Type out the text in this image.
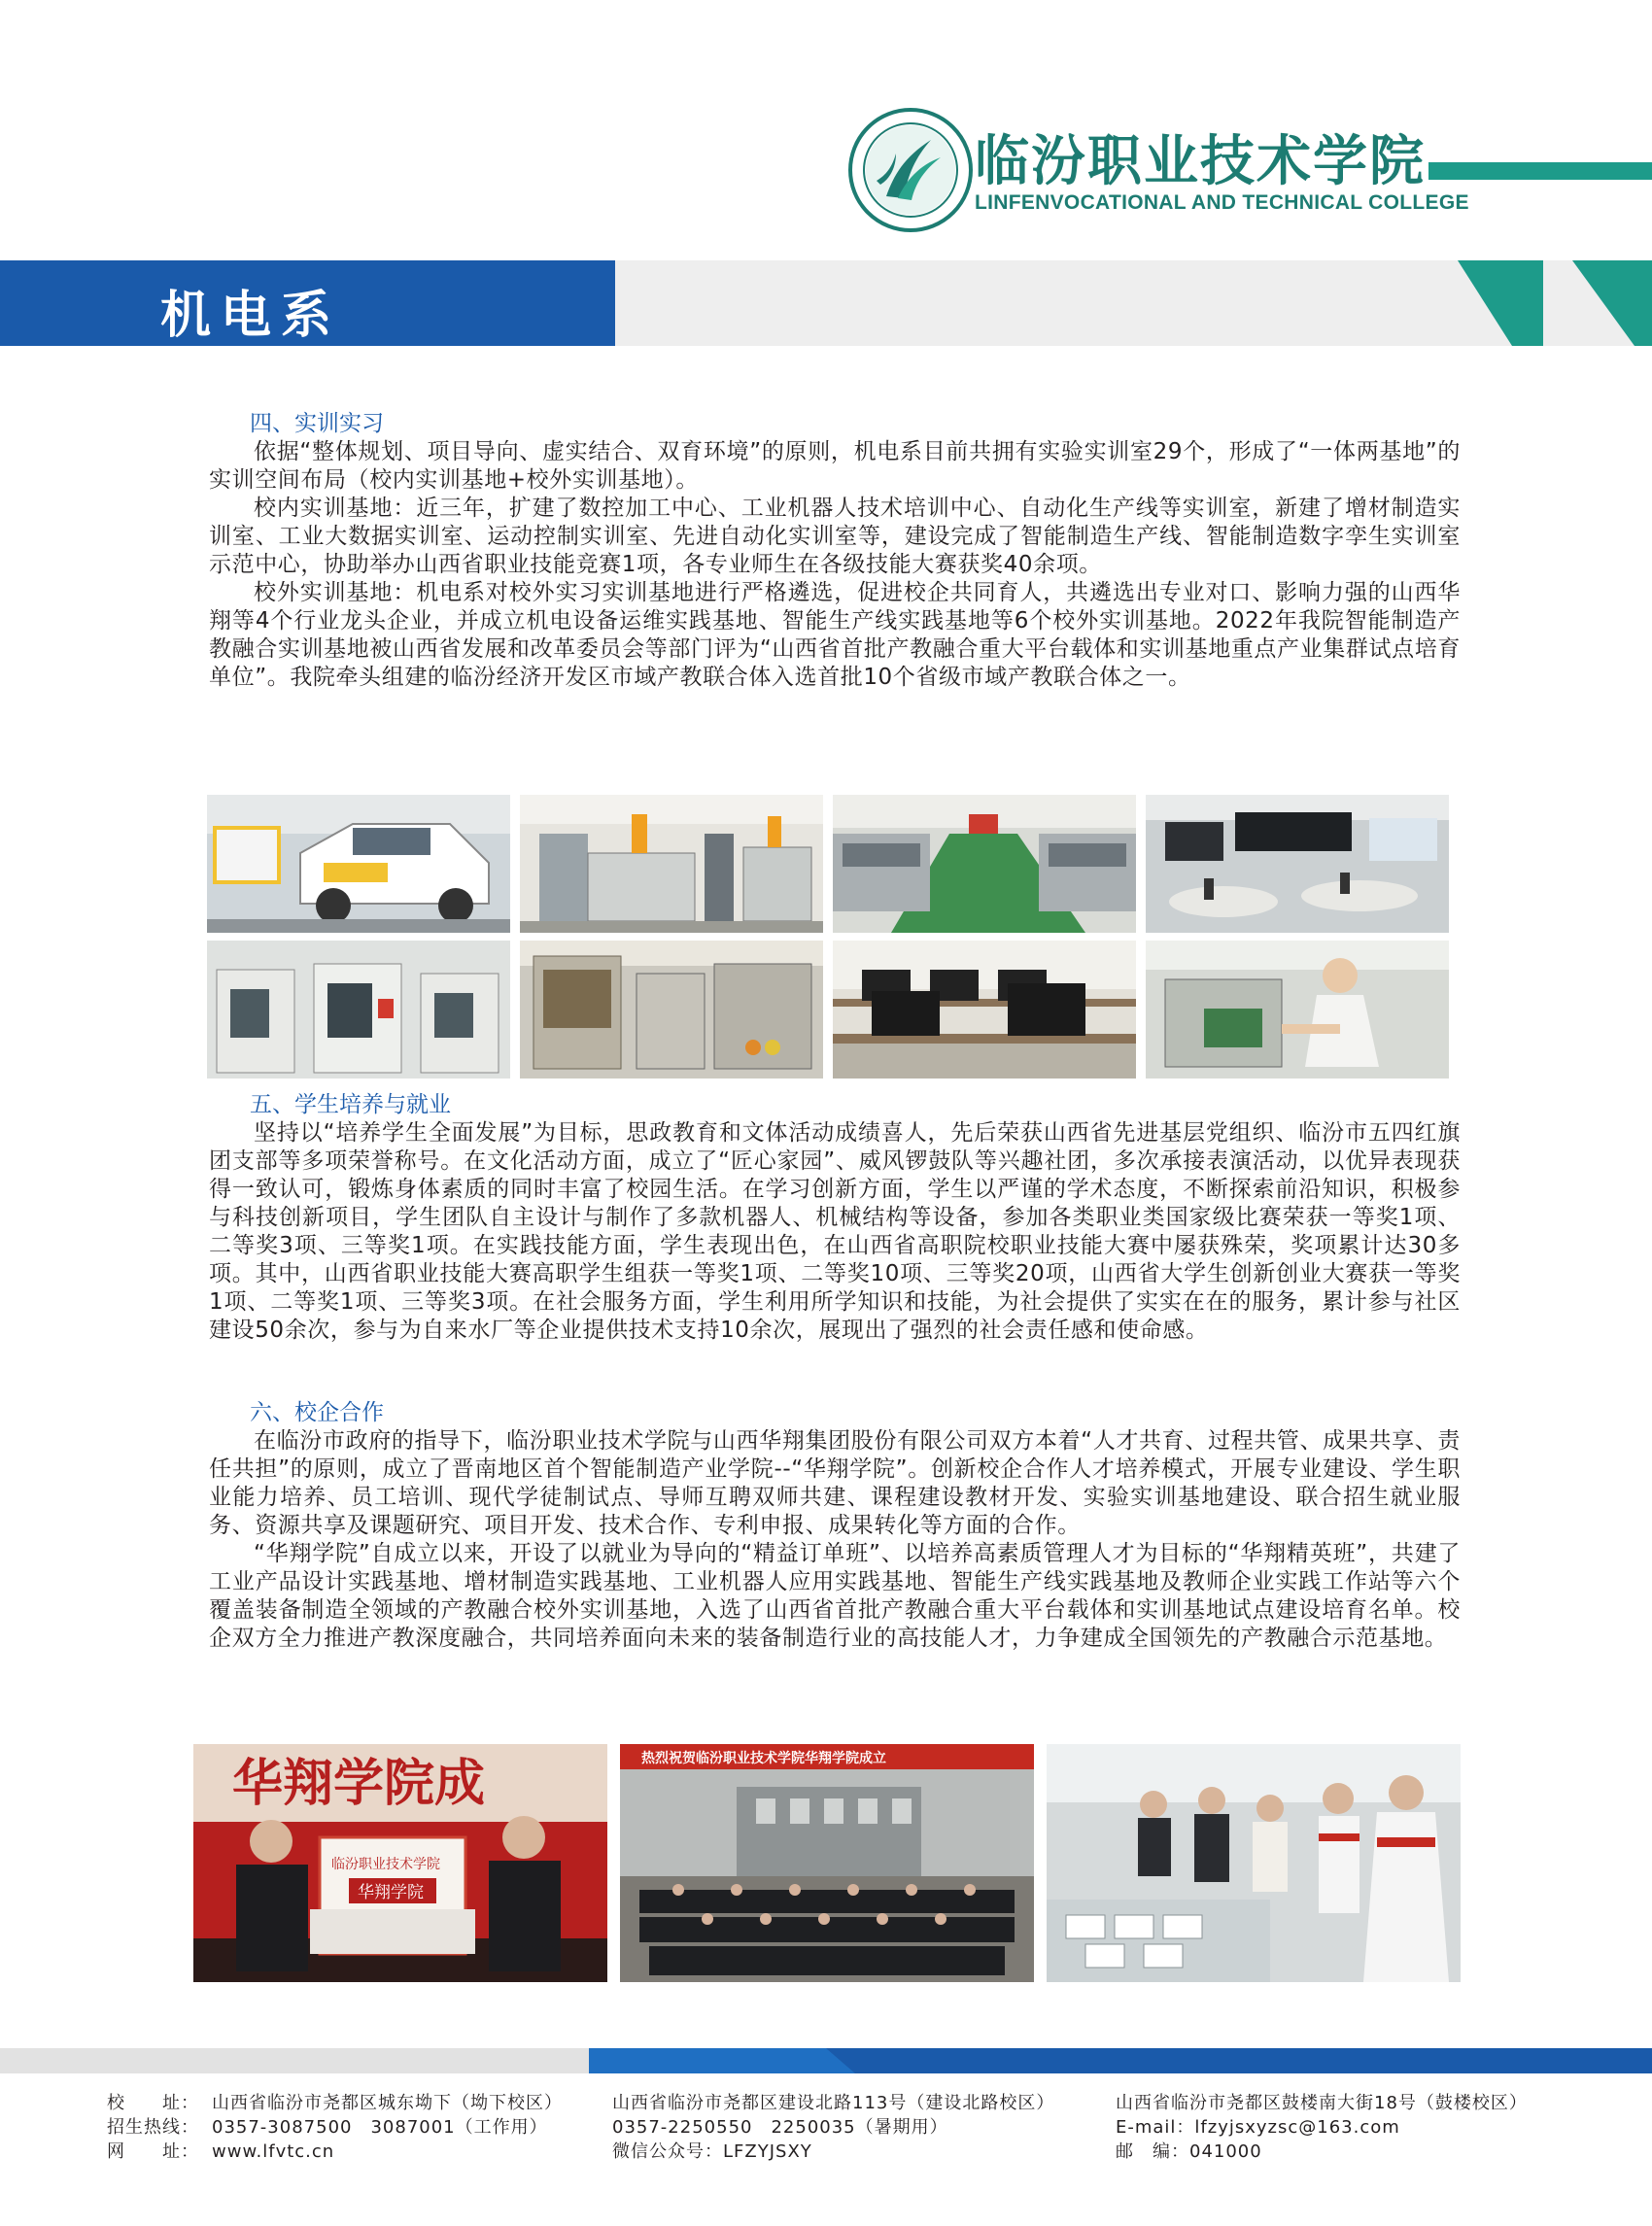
临汾职业技术学院
LINFENVOCATIONAL AND TECHNICAL COLLEGE
机电系
四、实训实习

依据“整体规划、项目导向、虚实结合、双育环境”的原则，机电系目前共拥有实验实训室29个，形成了“一体两基地”的实训空间布局（校内实训基地+校外实训基地）。

校内实训基地：近三年，扩建了数控加工中心、工业机器人技术培训中心、自动化生产线等实训室，新建了增材制造实训室、工业大数据实训室、运动控制实训室、先进自动化实训室等，建设完成了智能制造生产线、智能制造数字孪生实训室示范中心，协助举办山西省职业技能竞赛1项，各专业师生在各级技能大赛获奖40余项。

校外实训基地：机电系对校外实习实训基地进行严格遴选，促进校企共同育人，共遴选出专业对口、影响力强的山西华翔等4个行业龙头企业，并成立机电设备运维实践基地、智能生产线实践基地等6个校外实训基地。2022年我院智能制造产教融合实训基地被山西省发展和改革委员会等部门评为“山西省首批产教融合重大平台载体和实训基地重点产业集群试点培育单位”。我院牵头组建的临汾经济开发区市域产教联合体入选首批10个省级市域产教联合体之一。

五、学生培养与就业

坚持以“培养学生全面发展”为目标，思政教育和文体活动成绩喜人，先后荣获山西省先进基层党组织、临汾市五四红旗团支部等多项荣誉称号。在文化活动方面，成立了“匠心家园”、威风锣鼓队等兴趣社团，多次承接表演活动，以优异表现获得一致认可，锻炼身体素质的同时丰富了校园生活。在学习创新方面，学生以严谨的学术态度，不断探索前沿知识，积极参与科技创新项目，学生团队自主设计与制作了多款机器人、机械结构等设备，参加各类职业类国家级比赛荣获一等奖1项、二等奖3项、三等奖1项。在实践技能方面，学生表现出色，在山西省高职院校职业技能大赛中屡获殊荣，奖项累计达30多项。其中，山西省职业技能大赛高职学生组获一等奖1项、二等奖10项、三等奖20项，山西省大学生创新创业大赛获一等奖1项、二等奖1项、三等奖3项。在社会服务方面，学生利用所学知识和技能，为社会提供了实实在在的服务，累计参与社区建设50余次，参与为自来水厂等企业提供技术支持10余次，展现出了强烈的社会责任感和使命感。

六、校企合作

在临汾市政府的指导下，临汾职业技术学院与山西华翔集团股份有限公司双方本着“人才共育、过程共管、成果共享、责任共担”的原则，成立了晋南地区首个智能制造产业学院--“华翔学院”。创新校企合作人才培养模式，开展专业建设、学生职业能力培养、员工培训、现代学徒制试点、导师互聘双师共建、课程建设教材开发、实验实训基地建设、联合招生就业服务、资源共享及课题研究、项目开发、技术合作、专利申报、成果转化等方面的合作。

“华翔学院”自成立以来，开设了以就业为导向的“精益订单班”、以培养高素质管理人才为目标的“华翔精英班”，共建了工业产品设计实践基地、增材制造实践基地、工业机器人应用实践基地、智能生产线实践基地及教师企业实践工作站等六个覆盖装备制造全领域的产教融合校外实训基地，入选了山西省首批产教融合重大平台载体和实训基地试点建设培育名单。校企双方全力推进产教深度融合，共同培养面向未来的装备制造行业的高技能人才，力争建成全国领先的产教融合示范基地。

华翔学院成
临汾职业技术学院
华翔学院
热烈祝贺临汾职业技术学院华翔学院成立
校　　址： 山西省临汾市尧都区城东坳下（坳下校区）	山西省临汾市尧都区建设北路113号（建设北路校区）	山西省临汾市尧都区鼓楼南大街18号（鼓楼校区）
招生热线： 0357-3087500　3087001（工作用）	0357-2250550　2250035（暑期用）	E-mail：lfzyjsxyzsc@163.com
网　　址： www.lfvtc.cn	微信公众号：LFZYJSXY	邮　编：041000
